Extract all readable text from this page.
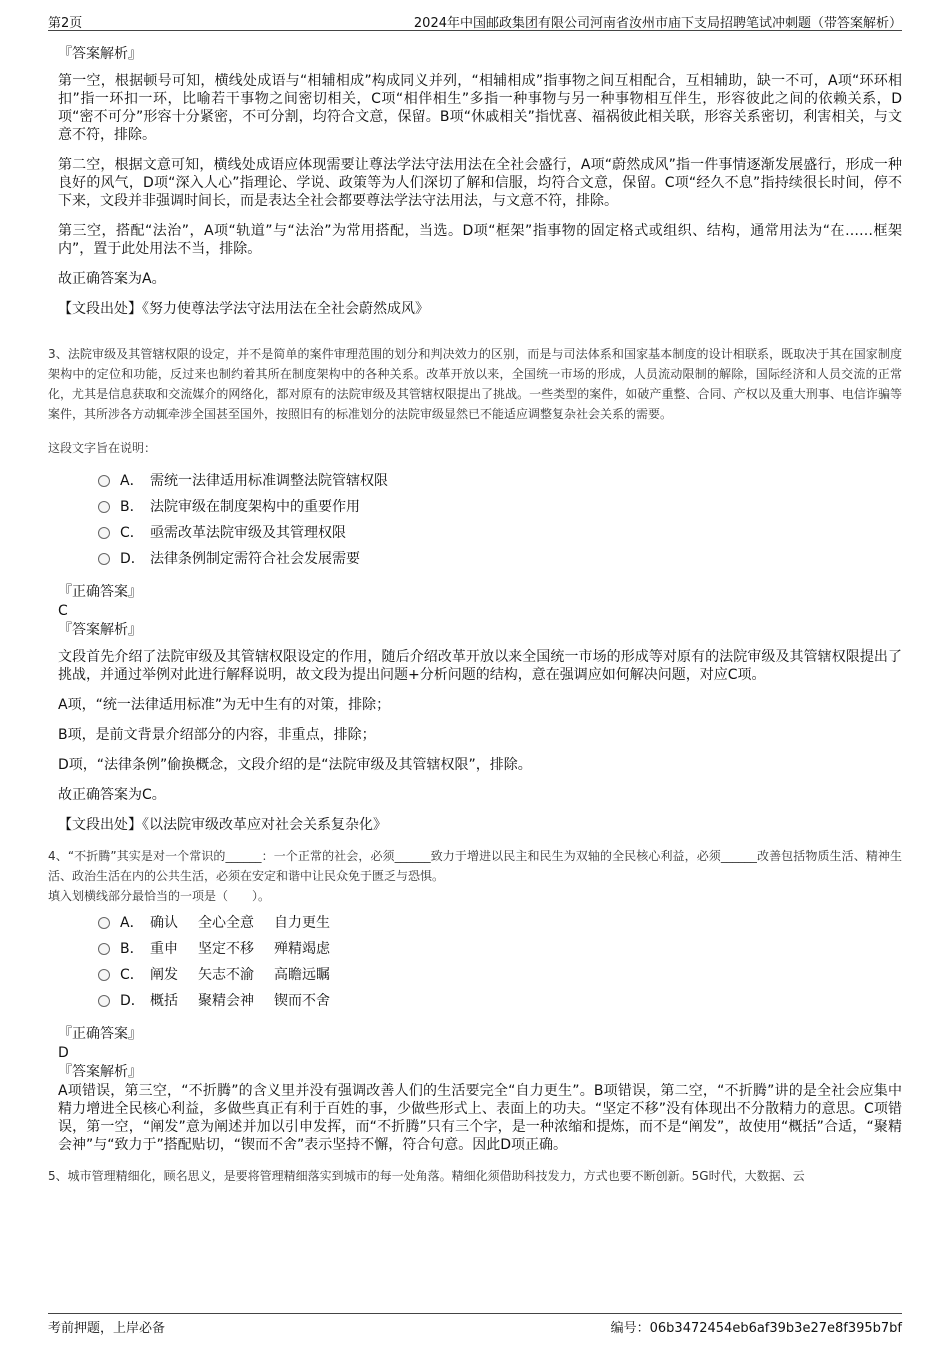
第2页	2024年中国邮政集团有限公司河南省汝州市庙下支局招聘笔试冲刺题（带答案解析）
『答案解析』

第一空，根据顿号可知，横线处成语与“相辅相成”构成同义并列，“相辅相成”指事物之间互相配合，互相辅助，缺一不可，A项“环环相扣”指一环扣一环，比喻若干事物之间密切相关，C项“相伴相生”多指一种事物与另一种事物相互伴生，形容彼此之间的依赖关系，D项“密不可分”形容十分紧密，不可分割，均符合文意，保留。B项“休戚相关”指忧喜、福祸彼此相关联，形容关系密切，利害相关，与文意不符，排除。

第二空，根据文意可知，横线处成语应体现需要让尊法学法守法用法在全社会盛行，A项“蔚然成风”指一件事情逐渐发展盛行，形成一种良好的风气，D项“深入人心”指理论、学说、政策等为人们深切了解和信服，均符合文意，保留。C项“经久不息”指持续很长时间，停不下来，文段并非强调时间长，而是表达全社会都要尊法学法守法用法，与文意不符，排除。

第三空，搭配“法治”，A项“轨道”与“法治”为常用搭配，当选。D项“框架”指事物的固定格式或组织、结构，通常用法为“在……框架内”，置于此处用法不当，排除。

故正确答案为A。

【文段出处】《努力使尊法学法守法用法在全社会蔚然成风》

3、法院审级及其管辖权限的设定，并不是简单的案件审理范围的划分和判决效力的区别，而是与司法体系和国家基本制度的设计相联系，既取决于其在国家制度架构中的定位和功能，反过来也制约着其所在制度架构中的各种关系。改革开放以来，全国统一市场的形成，人员流动限制的解除，国际经济和人员交流的正常化，尤其是信息获取和交流媒介的网络化，都对原有的法院审级及其管辖权限提出了挑战。一些类型的案件，如破产重整、合同、产权以及重大刑事、电信诈骗等案件，其所涉各方动辄牵涉全国甚至国外，按照旧有的标准划分的法院审级显然已不能适应调整复杂社会关系的需要。
这段文字旨在说明：
A． 需统一法律适用标准调整法院管辖权限
B． 法院审级在制度架构中的重要作用
C． 亟需改革法院审级及其管理权限
D． 法律条例制定需符合社会发展需要
『正确答案』
C
『答案解析』

文段首先介绍了法院审级及其管辖权限设定的作用，随后介绍改革开放以来全国统一市场的形成等对原有的法院审级及其管辖权限提出了挑战，并通过举例对此进行解释说明，故文段为提出问题+分析问题的结构，意在强调应如何解决问题，对应C项。

A项，“统一法律适用标准”为无中生有的对策，排除；

B项，是前文背景介绍部分的内容，非重点，排除；

D项，“法律条例”偷换概念，文段介绍的是“法院审级及其管辖权限”，排除。

故正确答案为C。

【文段出处】《以法院审级改革应对社会关系复杂化》

4、“不折腾”其实是对一个常识的______：一个正常的社会，必须______致力于增进以民主和民生为双轴的全民核心利益，必须______改善包括物质生活、精神生活、政治生活在内的公共生活，必须在安定和谐中让民众免于匮乏与恐惧。
填入划横线部分最恰当的一项是（　　）。
A． 确认	全心全意	自力更生
B． 重申	坚定不移	殚精竭虑
C． 阐发	矢志不渝	高瞻远瞩
D． 概括	聚精会神	锲而不舍
『正确答案』
D
『答案解析』

A项错误，第三空，“不折腾”的含义里并没有强调改善人们的生活要完全“自力更生”。B项错误，第二空，“不折腾”讲的是全社会应集中精力增进全民核心利益，多做些真正有利于百姓的事，少做些形式上、表面上的功夫。“坚定不移”没有体现出不分散精力的意思。C项错误，第一空，“阐发”意为阐述并加以引申发挥，而“不折腾”只有三个字，是一种浓缩和提炼，而不是“阐发”，故使用“概括”合适，“聚精会神”与“致力于”搭配贴切，“锲而不舍”表示坚持不懈，符合句意。因此D项正确。

5、城市管理精细化，顾名思义，是要将管理精细落实到城市的每一处角落。精细化须借助科技发力，方式也要不断创新。5G时代，大数据、云
考前押题，上岸必备	编号：06b3472454eb6af39b3e27e8f395b7bf
